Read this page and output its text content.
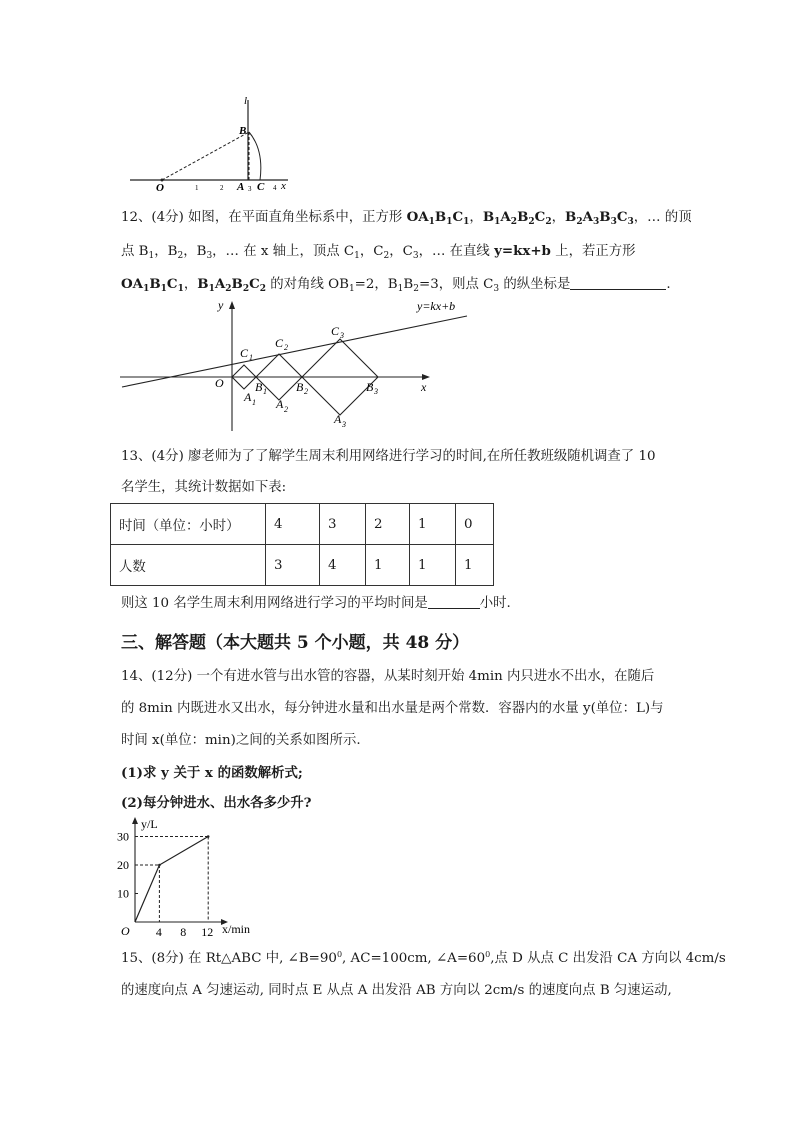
l
B
O	1	2 A 3 C 4 x
12、(4分) 如图，在平面直角坐标系中，正方形 $OA_1B_1C_1$，$B_1A_2B_2C_2$，$B_2A_3B_3C_3$，… 的顶
点 $B_1$，$B_2$，$B_3$，… 在 x 轴上，顶点 $C_1$，$C_2$，$C_3$，… 在直线 y=kx+b 上，若正方形
$OA_1B_1C_1$，$B_1A_2B_2C_2$ 的对角线 $OB_1=2$，$B_1B_2=3$，则点 $C_3$ 的纵坐标是	.
y	y=kx+b
O	x
C 1
C 2
C 3
B 1 B 2	B 3
A 1 A 2
A 3
13、(4分) 廖老师为了了解学生周末利用网络进行学习的时间,在所任教班级随机调查了 10
名学生，其统计数据如下表:
时间（单位：小时）	4	3	2	1	0
人数	3	4	1	1	1
则这 10 名学生周末利用网络进行学习的平均时间是	小时.
三、解答题（本大题共 5 个小题，共 48 分）
14、(12分) 一个有进水管与出水管的容器，从某时刻开始 4min 内只进水不出水，在随后
的 8min 内既进水又出水，每分钟进水量和出水量是两个常数．容器内的水量 y(单位：L)与
时间 x(单位：min)之间的关系如图所示.
(1)求 y 关于 x 的函数解析式;
(2)每分钟进水、出水各多少升?
4 8 12
10
20
30
y/L
x/min
O
15、(8分) 在 Rt△ABC 中, $\angle B=90^0$, AC=100cm, $\angle A=60^0$,点 D 从点 C 出发沿 CA 方向以 4cm/s
的速度向点 A 匀速运动, 同时点 E 从点 A 出发沿 AB 方向以 2cm/s 的速度向点 B 匀速运动,
